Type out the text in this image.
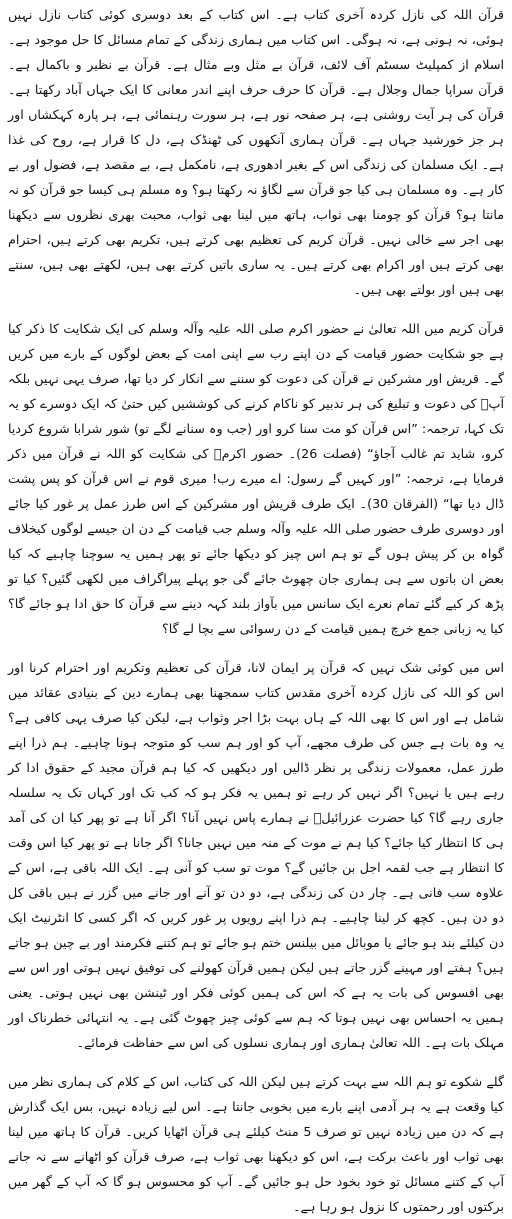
قرآن اللہ کی نازل کردہ آخری کتاب ہے۔ اس کتاب کے بعد دوسری کوئی کتاب نازل نہیں ہوئی، نہ ہونی ہے، نہ ہوگی۔ اس کتاب میں ہماری زندگی کے تمام مسائل کا حل موجود ہے۔ اسلام از کمپلیٹ سسٹم آف لائف، قرآن بے مثل وبے مثال ہے۔ قرآن بے نظیر و باکمال ہے۔ قرآن سراپا جمال وجلال ہے۔ قرآن کا حرف حرف اپنے اندر معانی کا ایک جہاں آباد رکھتا ہے۔ قرآن کی ہر آیت روشنی ہے، ہر صفحہ نور ہے، ہر سورت رہنمائی ہے، ہر پارہ کہکشاں اور ہر جز خورشید جہاں ہے۔ قرآن ہماری آنکھوں کی ٹھنڈک ہے، دل کا قرار ہے، روح کی غذا ہے۔ ایک مسلمان کی زندگی اس کے بغیر ادھوری ہے، نامکمل ہے، بے مقصد ہے، فضول اور بے کار ہے۔ وہ مسلمان ہی کیا جو قرآن سے لگاؤ نہ رکھتا ہو؟ وہ مسلم ہی کیسا جو قرآن کو نہ مانتا ہو؟ قرآن کو چومنا بھی ثواب، ہاتھ میں لینا بھی ثواب، محبت بھری نظروں سے دیکھنا بھی اجر سے خالی نہیں۔ قرآن کریم کی تعظیم بھی کرتے ہیں، تکریم بھی کرتے ہیں، احترام بھی کرتے ہیں اور اکرام بھی کرتے ہیں۔ یہ ساری باتیں کرتے بھی ہیں، لکھتے بھی ہیں، سنتے بھی ہیں اور بولتے بھی ہیں۔

قرآن کریم میں اللہ تعالیٰ نے حضور اکرم صلی اللہ علیہ وآلہ وسلم کی ایک شکایت کا ذکر کیا ہے جو شکایت حضور قیامت کے دن اپنے رب سے اپنی امت کے بعض لوگوں کے بارے میں کریں گے۔ قریش اور مشرکین نے قرآن کی دعوت کو سننے سے انکار کر دیا تھا، صرف یہی نہیں بلکہ آپؐ کی دعوت و تبلیغ کی ہر تدبیر کو ناکام کرنے کی کوششیں کیں حتیٰ کہ ایک دوسرے کو یہ تک کہا، ترجمہ: ”اس قرآن کو مت سنا کرو اور (جب وہ سنانے لگے تو) شور شرابا شروع کردیا کرو، شاید تم غالب آجاؤ“ (فصلت 26)۔ حضور اکرمؐ کی شکایت کو اللہ نے قرآن میں ذکر فرمایا ہے، ترجمہ: ”اور کہیں گے رسول: اے میرے رب! میری قوم نے اس قرآن کو پس پشت ڈال دیا تھا“ (الفرقان 30)۔ ایک طرف قریش اور مشرکین کے اس طرز عمل پر غور کیا جائے اور دوسری طرف حضور صلی اللہ علیہ وآلہ وسلم جب قیامت کے دن ان جیسے لوگوں کیخلاف گواہ بن کر پیش ہوں گے تو ہم اس چیز کو دیکھا جائے تو پھر ہمیں یہ سوچنا چاہیے کہ کیا بعض ان باتوں سے ہی ہماری جان چھوٹ جائے گی جو پہلے پیراگراف میں لکھی گئیں؟ کیا تو پڑھ کر کیے گئے تمام نعرے ایک سانس میں بآواز بلند کہہ دینے سے قرآن کا حق ادا ہو جائے گا؟ کیا یہ زبانی جمع خرچ ہمیں قیامت کے دن رسوائی سے بچا لے گا؟

اس میں کوئی شک نہیں کہ قرآن پر ایمان لانا، قرآن کی تعظیم وتکریم اور احترام کرنا اور اس کو اللہ کی نازل کردہ آخری مقدس کتاب سمجھنا بھی ہمارے دین کے بنیادی عقائد میں شامل ہے اور اس کا بھی اللہ کے ہاں بہت بڑا اجر وثواب ہے، لیکن کیا صرف یہی کافی ہے؟ یہ وہ بات ہے جس کی طرف مجھے، آپ کو اور ہم سب کو متوجہ ہونا چاہیے۔ ہم ذرا اپنے طرز عمل، معمولات زندگی پر نظر ڈالیں اور دیکھیں کہ کیا ہم قرآن مجید کے حقوق ادا کر رہے ہیں یا نہیں؟ اگر نہیں کر رہے تو ہمیں یہ فکر ہو کہ کب تک اور کہاں تک یہ سلسلہ جاری رہے گا؟ کیا حضرت عزرائیلؑ نے ہمارے پاس نہیں آنا؟ اگر آنا ہے تو پھر کیا ان کی آمد ہی کا انتظار کیا جائے؟ کیا ہم نے موت کے منہ میں نہیں جانا؟ اگر جانا ہے تو پھر کیا اس وقت کا انتظار ہے جب لقمہ اجل بن جائیں گے؟ موت تو سب کو آنی ہے۔ ایک اللہ باقی ہے، اس کے علاوہ سب فانی ہے۔ چار دن کی زندگی ہے، دو دن تو آنے اور جانے میں گزر نے ہیں باقی کل دو دن ہیں۔ کچھ کر لینا چاہیے۔ ہم ذرا اپنے رویوں پر غور کریں کہ اگر کسی کا انٹرنیٹ ایک دن کیلئے بند ہو جائے یا موبائل میں بیلنس ختم ہو جائے تو ہم کتنے فکرمند اور بے چین ہو جاتے ہیں؟ ہفتے اور مہینے گزر جاتے ہیں لیکن ہمیں قرآن کھولنے کی توفیق نہیں ہوتی اور اس سے بھی افسوس کی بات یہ ہے کہ اس کی ہمیں کوئی فکر اور ٹینشن بھی نہیں ہوتی۔ یعنی ہمیں یہ احساس بھی نہیں ہوتا کہ ہم سے کوئی چیز چھوٹ گئی ہے۔ یہ انتہائی خطرناک اور مہلک بات ہے۔ اللہ تعالیٰ ہماری اور ہماری نسلوں کی اس سے حفاظت فرمائے۔

گلے شکوے تو ہم اللہ سے بہت کرتے ہیں لیکن اللہ کی کتاب، اس کے کلام کی ہماری نظر میں کیا وقعت ہے یہ ہر آدمی اپنے بارے میں بخوبی جانتا ہے۔ اس لیے زیادہ نہیں، بس ایک گذارش ہے کہ دن میں زیادہ نہیں تو صرف 5 منٹ کیلئے ہی قرآن اٹھایا کریں۔ قرآن کا ہاتھ میں لینا بھی ثواب اور باعث برکت ہے، اس کو دیکھنا بھی ثواب ہے، صرف قرآن کو اٹھانے سے نہ جانے آپ کے کتنے مسائل تو خود بخود حل ہو جائیں گے۔ آپ کو محسوس ہو گا کہ آپ کے گھر میں برکتوں اور رحمتوں کا نزول ہو رہا ہے۔
